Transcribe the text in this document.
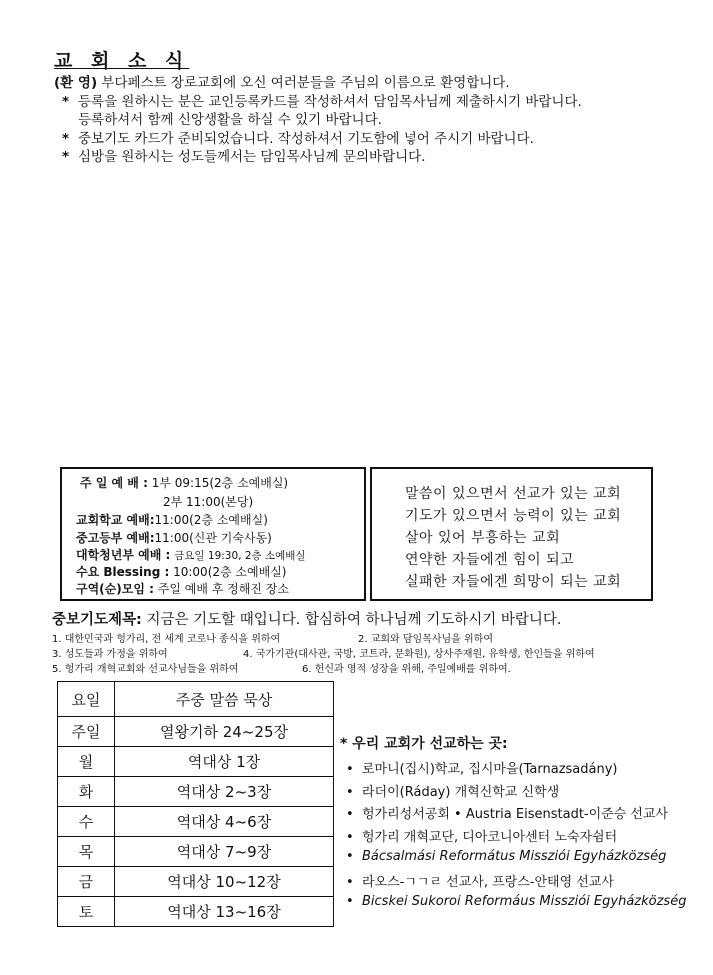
교 회 소 식
(환 영) 부다페스트 장로교회에 오신 여러분들을 주님의 이름으로 환영합니다.
* 등록을 원하시는 분은 교인등록카드를 작성하셔서 담임목사님께 제출하시기 바랍니다.
등록하셔서 함께 신앙생활을 하실 수 있기 바랍니다.
* 중보기도 카드가 준비되었습니다. 작성하셔서 기도함에 넣어 주시기 바랍니다.
* 심방을 원하시는 성도들께서는 담임목사님께 문의바랍니다.
주 일 예 배 : 1부 09:15(2층 소예배실)
2부 11:00(본당)
교회학교 예배:11:00(2층 소예배실)
중고등부 예배:11:00(신관 기숙사동)
대학청년부 예배 : 금요일 19:30, 2층 소예배실
수요 Blessing : 10:00(2층 소예배실)
구역(순)모임 : 주일 예배 후 정해진 장소
말씀이 있으면서 선교가 있는 교회
기도가 있으면서 능력이 있는 교회
살아 있어 부흥하는 교회
연약한 자들에겐 힘이 되고
실패한 자들에겐 희망이 되는 교회
중보기도제목: 지금은 기도할 때입니다. 합심하여 하나님께 기도하시기 바랍니다.
1. 대한민국과 헝가리, 전 세계 코로나 종식을 위하여	2. 교회와 담임목사님을 위하여
3. 성도들과 가정을 위하여	4. 국가기관(대사관, 국방, 코트라, 문화원), 상사주재원, 유학생, 한인들을 위하여
5. 헝가리 개혁교회와 선교사님들을 위하여	6. 헌신과 영적 성장을 위해, 주일예배를 위하여.
요일	주중 말씀 묵상
주일	열왕기하 24~25장
월	역대상 1장
화	역대상 2~3장
수	역대상 4~6장
목	역대상 7~9장
금	역대상 10~12장
토	역대상 13~16장
* 우리 교회가 선교하는 곳:
• 로마니(집시)학교, 집시마을(Tarnazsadány)
• 라더이(Ráday) 개혁신학교 신학생
• 헝가리성서공회 • Austria Eisenstadt-이준승 선교사
• 헝가리 개혁교단, 디아코니아센터 노숙자쉼터
• Bácsalmási Református Missziói Egyházközség
• 라오스-ㄱㄱㄹ 선교사, 프랑스-안태영 선교사
• Bicskei Sukoroi Reformáus Missziói Egyházközség
